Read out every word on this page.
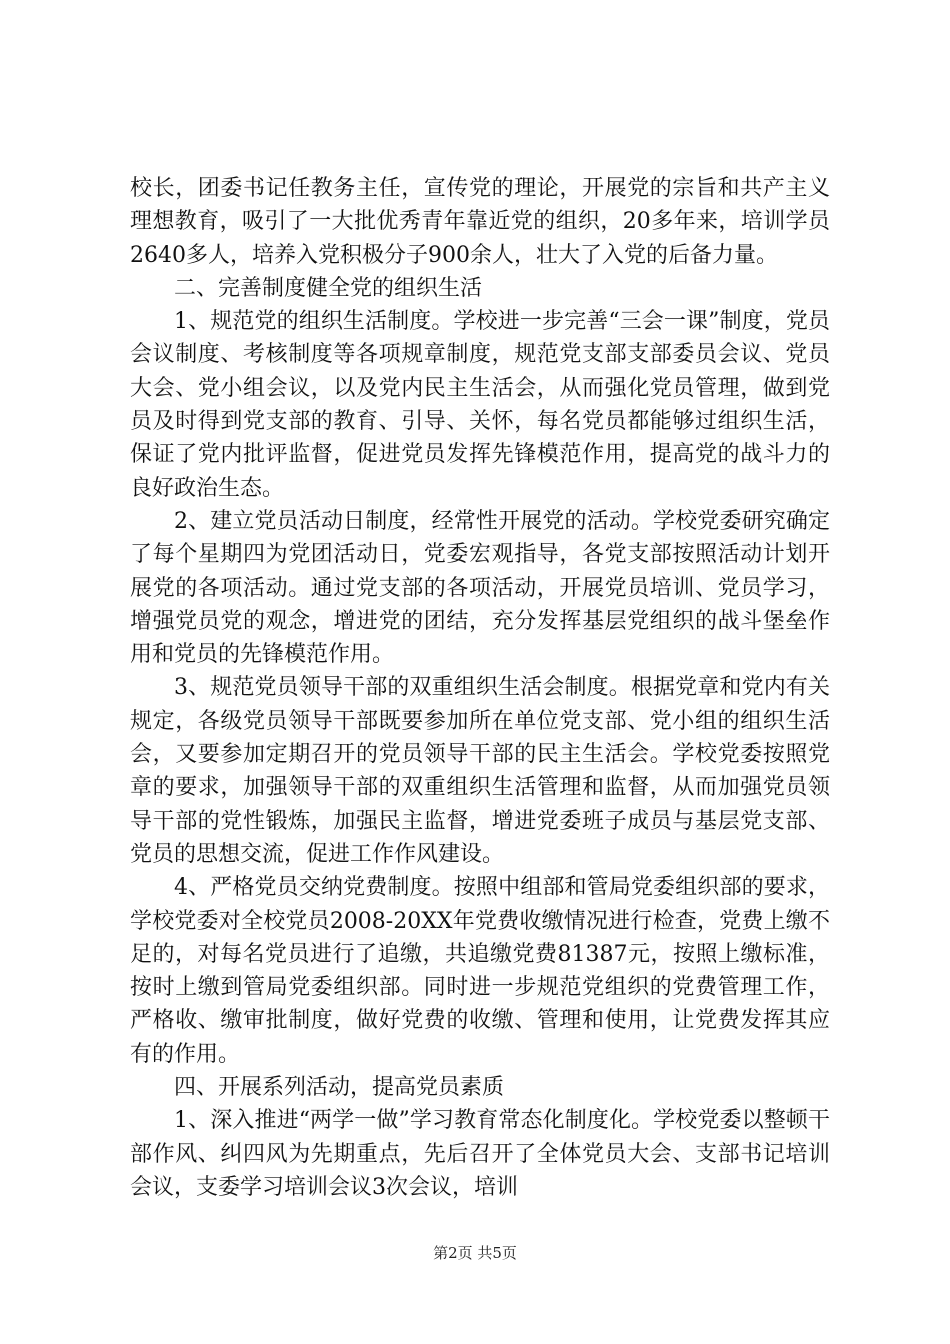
校长，团委书记任教务主任，宣传党的理论，开展党的宗旨和共产主义理想教育，吸引了一大批优秀青年靠近党的组织，20多年来，培训学员2640多人，培养入党积极分子900余人，壮大了入党的后备力量。

二、完善制度健全党的组织生活

1、规范党的组织生活制度。学校进一步完善“三会一课”制度，党员会议制度、考核制度等各项规章制度，规范党支部支部委员会议、党员大会、党小组会议，以及党内民主生活会，从而强化党员管理，做到党员及时得到党支部的教育、引导、关怀，每名党员都能够过组织生活，保证了党内批评监督，促进党员发挥先锋模范作用，提高党的战斗力的良好政治生态。

2、建立党员活动日制度，经常性开展党的活动。学校党委研究确定了每个星期四为党团活动日，党委宏观指导，各党支部按照活动计划开展党的各项活动。通过党支部的各项活动，开展党员培训、党员学习，增强党员党的观念，增进党的团结，充分发挥基层党组织的战斗堡垒作用和党员的先锋模范作用。

3、规范党员领导干部的双重组织生活会制度。根据党章和党内有关规定，各级党员领导干部既要参加所在单位党支部、党小组的组织生活会，又要参加定期召开的党员领导干部的民主生活会。学校党委按照党章的要求，加强领导干部的双重组织生活管理和监督，从而加强党员领导干部的党性锻炼，加强民主监督，增进党委班子成员与基层党支部、党员的思想交流，促进工作作风建设。

4、严格党员交纳党费制度。按照中组部和管局党委组织部的要求，学校党委对全校党员2008-20XX年党费收缴情况进行检查，党费上缴不足的，对每名党员进行了追缴，共追缴党费81387元，按照上缴标准，按时上缴到管局党委组织部。同时进一步规范党组织的党费管理工作，严格收、缴审批制度，做好党费的收缴、管理和使用，让党费发挥其应有的作用。

四、开展系列活动，提高党员素质

1、深入推进“两学一做”学习教育常态化制度化。学校党委以整顿干部作风、纠四风为先期重点，先后召开了全体党员大会、支部书记培训会议，支委学习培训会议3次会议，培训

第2页 共5页
